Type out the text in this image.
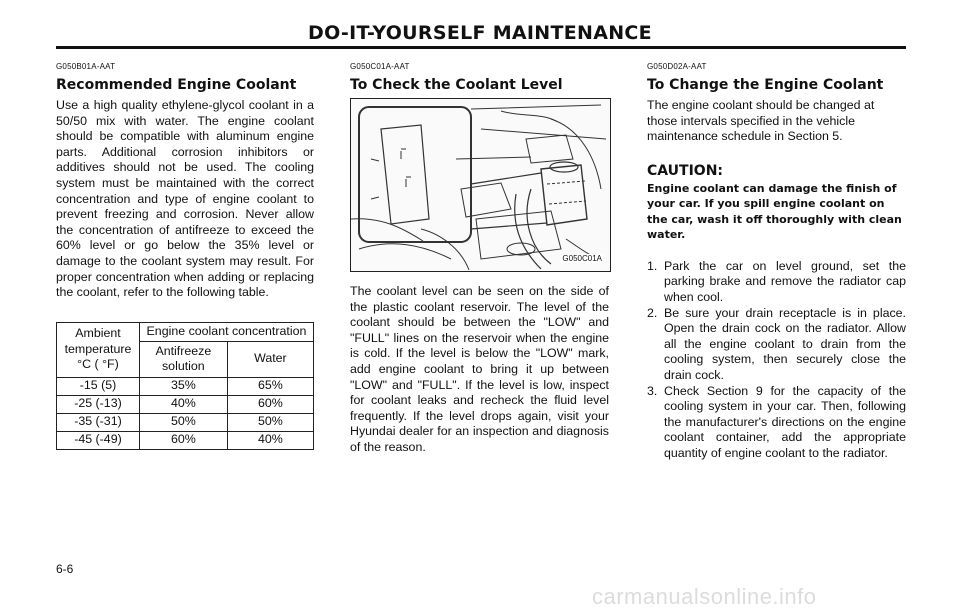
DO-IT-YOURSELF MAINTENANCE
G050B01A-AAT
Recommended Engine Coolant

Use a high quality ethylene-glycol coolant in a 50/50 mix with water. The engine coolant should be compatible with aluminum engine parts. Additional corrosion inhibitors or additives should not be used. The cooling system must be maintained with the correct concentration and type of engine coolant to prevent freezing and corrosion. Never allow the concentration of antifreeze to exceed the 60% level or go below the 35% level or damage to the coolant system may result. For proper concentration when adding or replacing the coolant, refer to the following table.

Ambient temperature °C ( °F)	Engine coolant concentration	
	Antifreeze solution	Water
-15 (5)	35%	65%
-25 (-13)	40%	60%
-35 (-31)	50%	50%
-45 (-49)	60%	40%
G050C01A-AAT
To Check the Coolant Level
G050C01A

The coolant level can be seen on the side of the plastic coolant reservoir. The level of the coolant should be between the "LOW" and "FULL" lines on the reservoir when the engine is cold. If the level is below the "LOW" mark, add engine coolant to bring it up between "LOW" and "FULL". If the level is low, inspect for coolant leaks and recheck the fluid level frequently. If the level drops again, visit your Hyundai dealer for an inspection and diagnosis of the reason.

G050D02A-AAT
To Change the Engine Coolant

The engine coolant should be changed at those intervals specified in the vehicle maintenance schedule in Section 5.

CAUTION:

Engine coolant can damage the finish of your car. If you spill engine coolant on the car, wash it off thoroughly with clean water.

1. Park the car on level ground, set the parking brake and remove the radiator cap when cool.
2. Be sure your drain receptacle is in place. Open the drain cock on the radiator. Allow all the engine coolant to drain from the cooling system, then securely close the drain cock.
3. Check Section 9 for the capacity of the cooling system in your car. Then, following the manufacturer's directions on the engine coolant container, add the appropriate quantity of engine coolant to the radiator.
6-6
carmanualsonline.info
